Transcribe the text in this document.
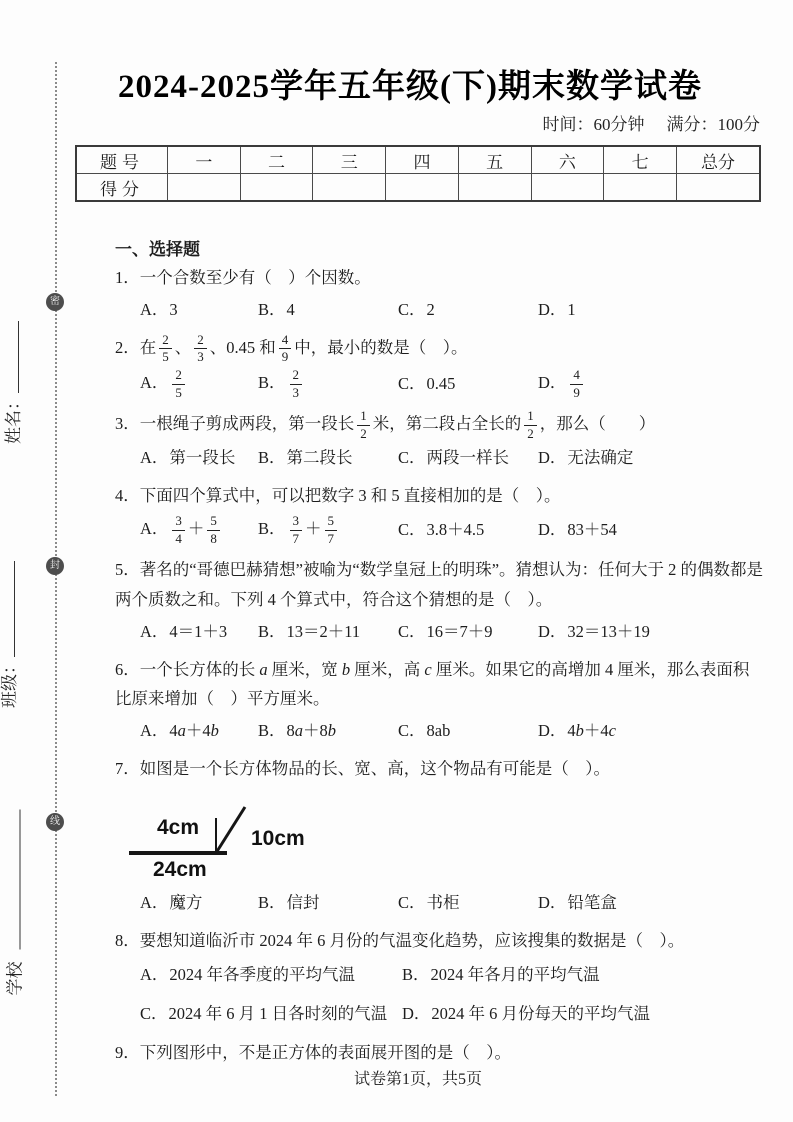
姓名：
班级：
学校
密
封
线
2024-2025学年五年级(下)期末数学试卷
时间：60分钟 满分：100分
题号	一	二	三	四	五	六	七	总分
得分								
一、选择题

1．一个合数至少有（　）个因数。

A．3	B．4	C．2	D．1

2．在 $\frac{2}{5}$ 、 $\frac{2}{3}$ 、0.45 和 $\frac{4}{9}$ 中，最小的数是（　）。

A． $\frac{2}{5}$	B． $\frac{2}{3}$	C．0.45	D． $\frac{4}{9}$

3．一根绳子剪成两段，第一段长 $\frac{1}{2}$ 米，第二段占全长的 $\frac{1}{2}$ ，那么（　　）

A．第一段长	B．第二段长	C．两段一样长	D．无法确定

4．下面四个算式中，可以把数字 3 和 5 直接相加的是（　）。

A． $\frac{3}{4} + \frac{5}{8}$ B． $\frac{3}{7} + \frac{5}{7}$	C．3.8＋4.5	D．83＋54

5．著名的“哥德巴赫猜想”被喻为“数学皇冠上的明珠”。猜想认为：任何大于 2 的偶数都是两个质数之和。下列 4 个算式中，符合这个猜想的是（　）。

A．4＝1＋3	B．13＝2＋11	C．16＝7＋9	D．32＝13＋19

6．一个长方体的长 a 厘米，宽 b 厘米，高 c 厘米。如果它的高增加 4 厘米，那么表面积比原来增加（　）平方厘米。

A．4a＋4b	B．8a＋8b	C．8ab	D．4b＋4c

7．如图是一个长方体物品的长、宽、高，这个物品有可能是（　）。

4cm
24cm
10cm
A．魔方	B．信封	C．书柜	D．铅笔盒

8．要想知道临沂市 2024 年 6 月份的气温变化趋势，应该搜集的数据是（　）。

A．2024 年各季度的平均气温	B．2024 年各月的平均气温
C．2024 年 6 月 1 日各时刻的气温 D．2024 年 6 月份每天的平均气温

9．下列图形中，不是正方体的表面展开图的是（　）。

试卷第1页，共5页
